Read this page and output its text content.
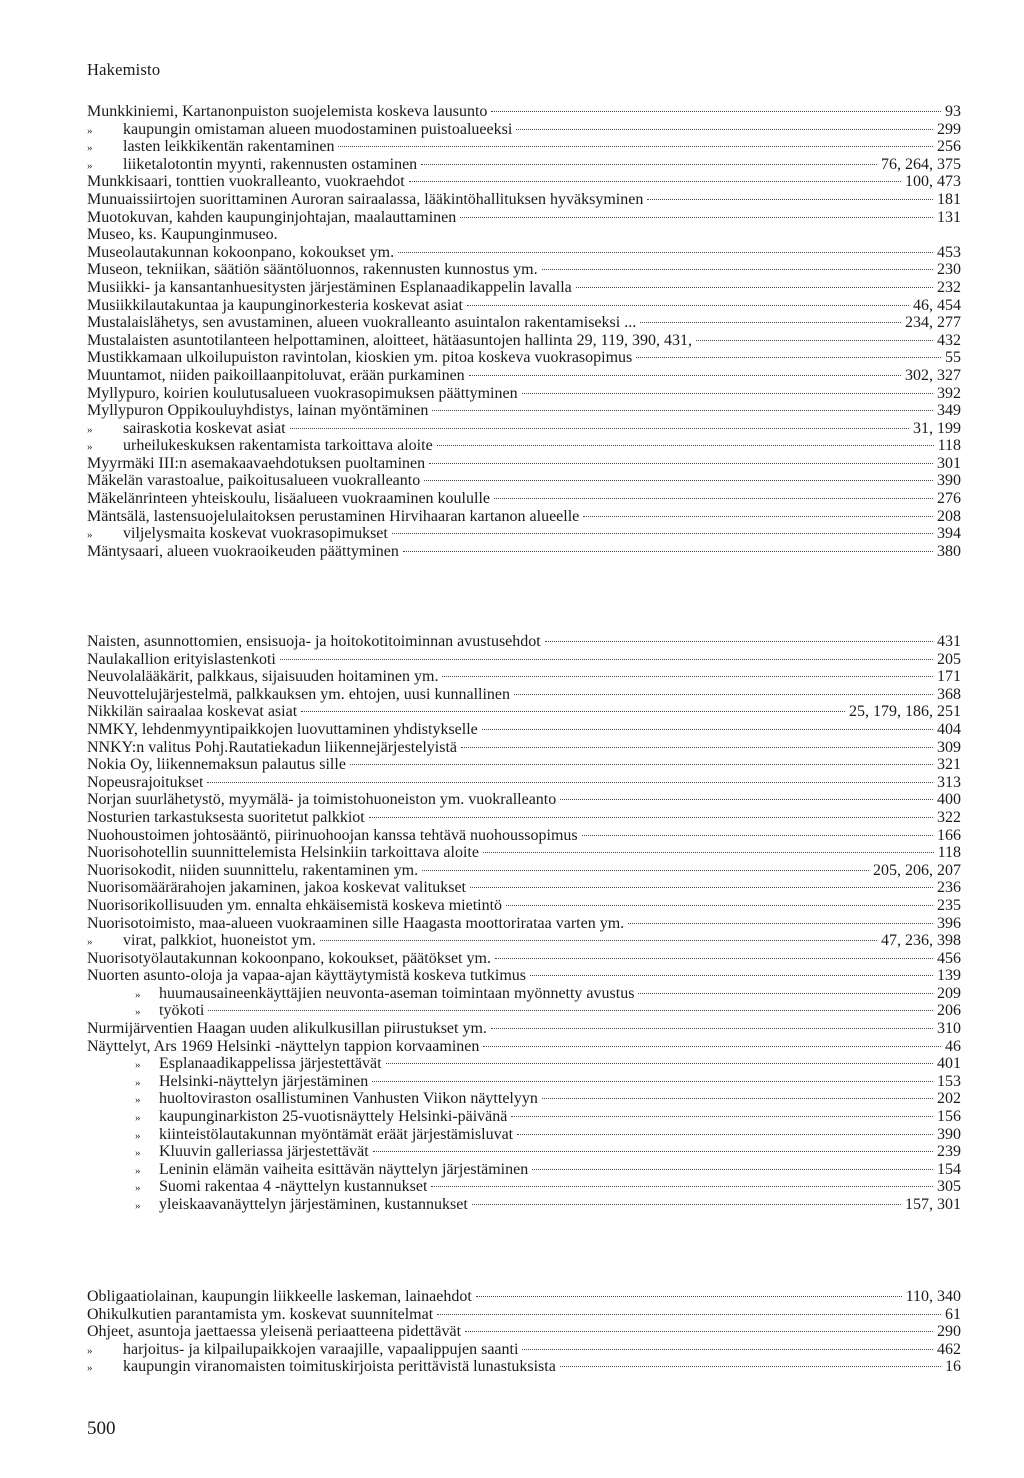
Hakemisto
Munkkiniemi, Kartanonpuiston suojelemista koskeva lausunto	93
»	kaupungin omistaman alueen muodostaminen puistoalueeksi	299
»	lasten leikkikentän rakentaminen	256
»	liiketalotontin myynti, rakennusten ostaminen	76, 264, 375
Munkkisaari, tonttien vuokralleanto, vuokraehdot	100, 473
Munuaissiirtojen suorittaminen Auroran sairaalassa, lääkintöhallituksen hyväksyminen	181
Muotokuvan, kahden kaupunginjohtajan, maalauttaminen	131
Museo, ks. Kaupunginmuseo.
Museolautakunnan kokoonpano, kokoukset ym.	453
Museon, tekniikan, säätiön sääntöluonnos, rakennusten kunnostus ym.	230
Musiikki- ja kansantanhuesitysten järjestäminen Esplanaadikappelin lavalla	232
Musiikkilautakuntaa ja kaupunginorkesteria koskevat asiat	46, 454
Mustalaislähetys, sen avustaminen, alueen vuokralleanto asuintalon rakentamiseksi ...	234, 277
Mustalaisten asuntotilanteen helpottaminen, aloitteet, hätäasuntojen hallinta 29, 119, 390, 431,	432
Mustikkamaan ulkoilupuiston ravintolan, kioskien ym. pitoa koskeva vuokrasopimus	55
Muuntamot, niiden paikoillaanpitoluvat, erään purkaminen	302, 327
Myllypuro, koirien koulutusalueen vuokrasopimuksen päättyminen	392
Myllypuron Oppikouluyhdistys, lainan myöntäminen	349
»	sairaskotia koskevat asiat	31, 199
»	urheilukeskuksen rakentamista tarkoittava aloite	118
Myyrmäki III:n asemakaavaehdotuksen puoltaminen	301
Mäkelän varastoalue, paikoitusalueen vuokralleanto	390
Mäkelänrinteen yhteiskoulu, lisäalueen vuokraaminen koululle	276
Mäntsälä, lastensuojelulaitoksen perustaminen Hirvihaaran kartanon alueelle	208
»	viljelysmaita koskevat vuokrasopimukset	394
Mäntysaari, alueen vuokraoikeuden päättyminen	380
Naisten, asunnottomien, ensisuoja- ja hoitokotitoiminnan avustusehdot	431
Naulakallion erityislastenkoti	205
Neuvolalääkärit, palkkaus, sijaisuuden hoitaminen ym.	171
Neuvottelujärjestelmä, palkkauksen ym. ehtojen, uusi kunnallinen	368
Nikkilän sairaalaa koskevat asiat	25, 179, 186, 251
NMKY, lehdenmyyntipaikkojen luovuttaminen yhdistykselle	404
NNKY:n valitus Pohj.Rautatiekadun liikennejärjestelyistä	309
Nokia Oy, liikennemaksun palautus sille	321
Nopeusrajoitukset	313
Norjan suurlähetystö, myymälä- ja toimistohuoneiston ym. vuokralleanto	400
Nosturien tarkastuksesta suoritetut palkkiot	322
Nuohoustoimen johtosääntö, piirinuohoojan kanssa tehtävä nuohoussopimus	166
Nuorisohotellin suunnittelemista Helsinkiin tarkoittava aloite	118
Nuorisokodit, niiden suunnittelu, rakentaminen ym.	205, 206, 207
Nuorisomäärärahojen jakaminen, jakoa koskevat valitukset	236
Nuorisorikollisuuden ym. ennalta ehkäisemistä koskeva mietintö	235
Nuorisotoimisto, maa-alueen vuokraaminen sille Haagasta moottorirataa varten ym.	396
»	virat, palkkiot, huoneistot ym.	47, 236, 398
Nuorisotyölautakunnan kokoonpano, kokoukset, päätökset ym.	456
Nuorten asunto-oloja ja vapaa-ajan käyttäytymistä koskeva tutkimus	139
»	huumausaineenkäyttäjien neuvonta-aseman toimintaan myönnetty avustus	209
»	työkoti	206
Nurmijärventien Haagan uuden alikulkusillan piirustukset ym.	310
Näyttelyt, Ars 1969 Helsinki -näyttelyn tappion korvaaminen	46
»	Esplanaadikappelissa järjestettävät	401
»	Helsinki-näyttelyn järjestäminen	153
»	huoltoviraston osallistuminen Vanhusten Viikon näyttelyyn	202
»	kaupunginarkiston 25-vuotisnäyttely Helsinki-päivänä	156
»	kiinteistölautakunnan myöntämät eräät järjestämisluvat	390
»	Kluuvin galleriassa järjestettävät	239
»	Leninin elämän vaiheita esittävän näyttelyn järjestäminen	154
»	Suomi rakentaa 4 -näyttelyn kustannukset	305
»	yleiskaavanäyttelyn järjestäminen, kustannukset	157, 301
Obligaatiolainan, kaupungin liikkeelle laskeman, lainaehdot	110, 340
Ohikulkutien parantamista ym. koskevat suunnitelmat	61
Ohjeet, asuntoja jaettaessa yleisenä periaatteena pidettävät	290
»	harjoitus- ja kilpailupaikkojen varaajille, vapaalippujen saanti	462
»	kaupungin viranomaisten toimituskirjoista perittävistä lunastuksista	16
500
